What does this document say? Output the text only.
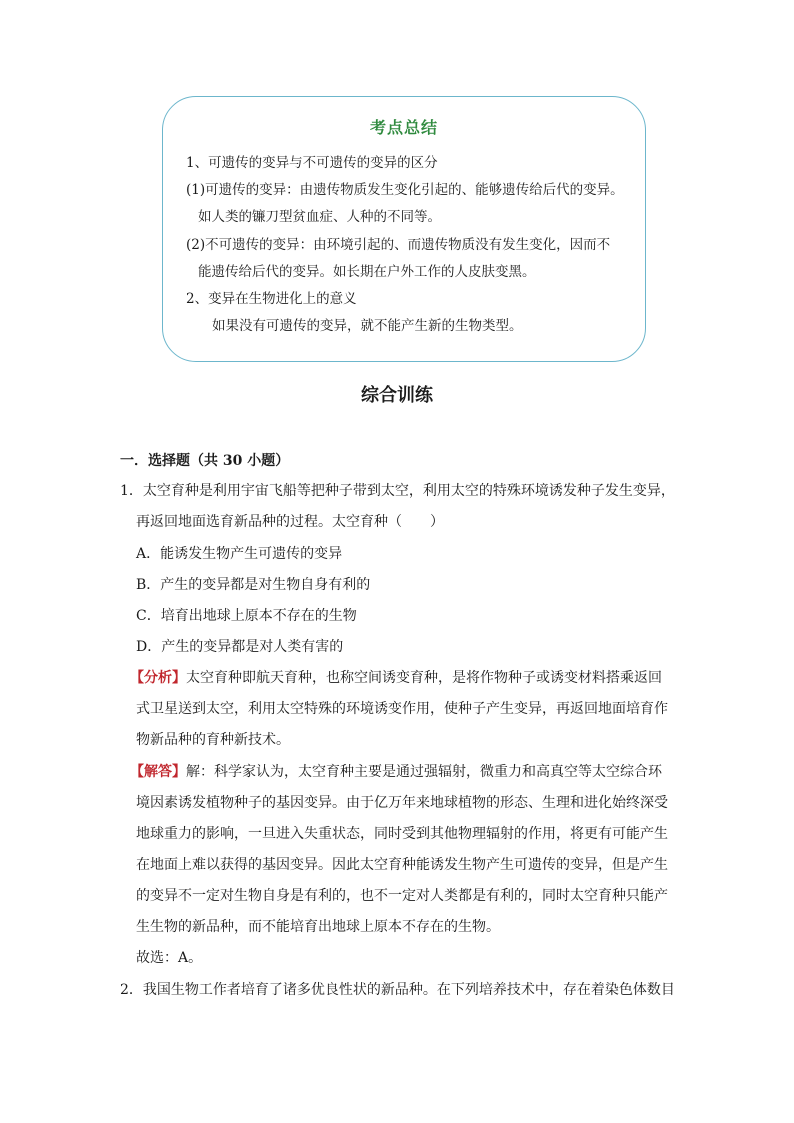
考点总结
1、可遗传的变异与不可遗传的变异的区分
(1)可遗传的变异：由遗传物质发生变化引起的、能够遗传给后代的变异。
如人类的镰刀型贫血症、人种的不同等。
(2)不可遗传的变异：由环境引起的、而遗传物质没有发生变化，因而不
能遗传给后代的变异。如长期在户外工作的人皮肤变黑。
2、变异在生物进化上的意义
如果没有可遗传的变异，就不能产生新的生物类型。
综合训练
一．选择题（共 30 小题）
1．太空育种是利用宇宙飞船等把种子带到太空，利用太空的特殊环境诱发种子发生变异，
再返回地面选育新品种的过程。太空育种（　　）
A．能诱发生物产生可遗传的变异
B．产生的变异都是对生物自身有利的
C．培育出地球上原本不存在的生物
D．产生的变异都是对人类有害的
【分析】太空育种即航天育种，也称空间诱变育种，是将作物种子或诱变材料搭乘返回
式卫星送到太空，利用太空特殊的环境诱变作用，使种子产生变异，再返回地面培育作
物新品种的育种新技术。
【解答】解：科学家认为，太空育种主要是通过强辐射，微重力和高真空等太空综合环
境因素诱发植物种子的基因变异。由于亿万年来地球植物的形态、生理和进化始终深受
地球重力的影响，一旦进入失重状态，同时受到其他物理辐射的作用，将更有可能产生
在地面上难以获得的基因变异。因此太空育种能诱发生物产生可遗传的变异，但是产生
的变异不一定对生物自身是有利的，也不一定对人类都是有利的，同时太空育种只能产
生生物的新品种，而不能培育出地球上原本不存在的生物。
故选：A。
2．我国生物工作者培育了诸多优良性状的新品种。在下列培养技术中，存在着染色体数目
